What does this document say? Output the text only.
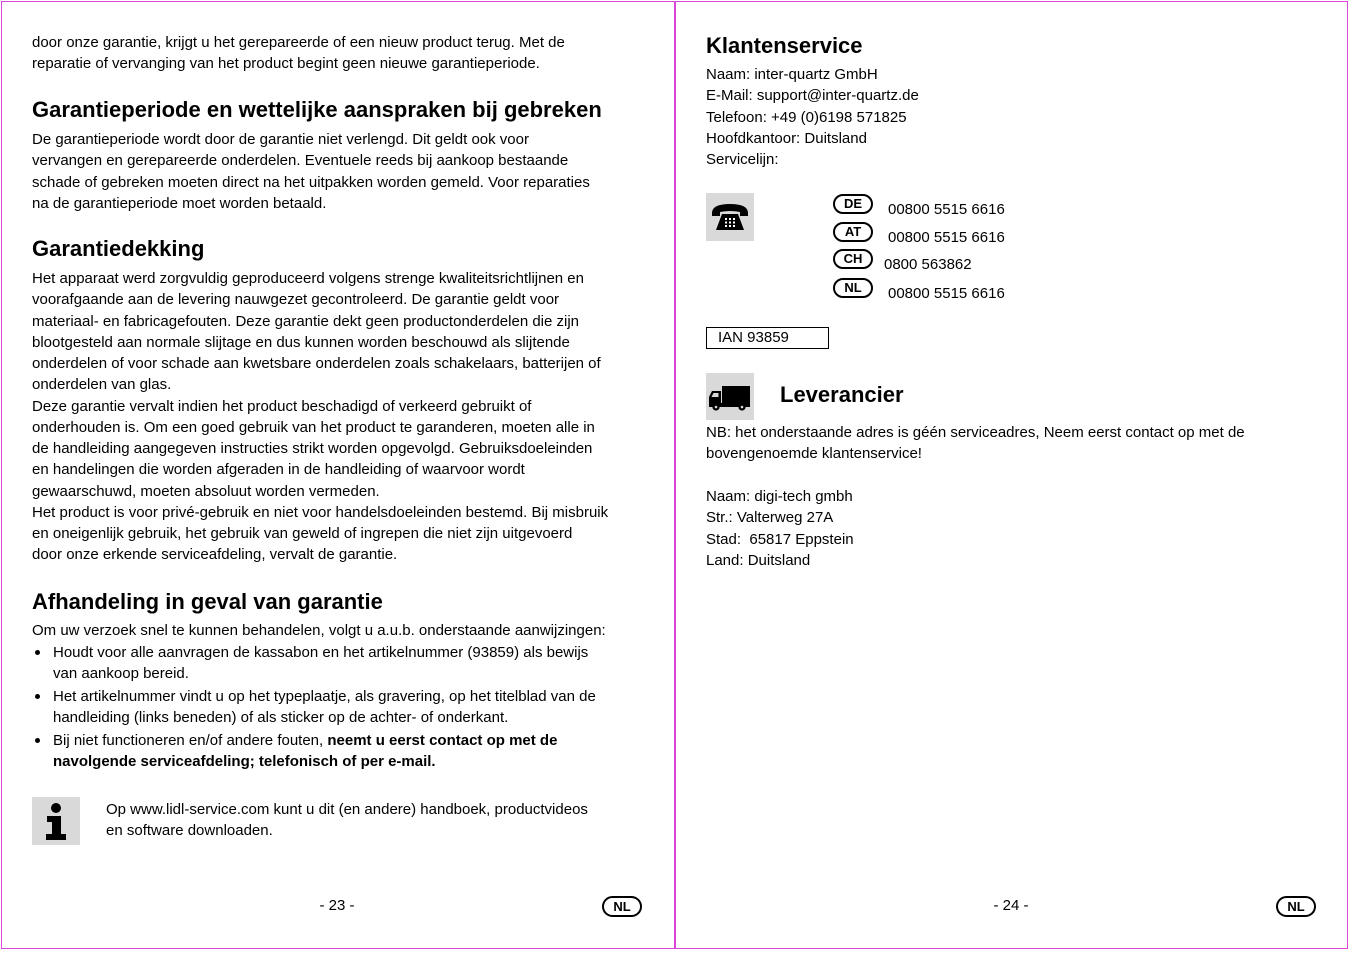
door onze garantie, krijgt u het gerepareerde of een nieuw product terug. Met de
reparatie of vervanging van het product begint geen nieuwe garantieperiode.
Garantieperiode en wettelijke aanspraken bij gebreken
De garantieperiode wordt door de garantie niet verlengd. Dit geldt ook voor
vervangen en gerepareerde onderdelen. Eventuele reeds bij aankoop bestaande
schade of gebreken moeten direct na het uitpakken worden gemeld. Voor reparaties
na de garantieperiode moet worden betaald.
Garantiedekking
Het apparaat werd zorgvuldig geproduceerd volgens strenge kwaliteitsrichtlijnen en
voorafgaande aan de levering nauwgezet gecontroleerd. De garantie geldt voor
materiaal- en fabricagefouten. Deze garantie dekt geen productonderdelen die zijn
blootgesteld aan normale slijtage en dus kunnen worden beschouwd als slijtende
onderdelen of voor schade aan kwetsbare onderdelen zoals schakelaars, batterijen of
onderdelen van glas.
Deze garantie vervalt indien het product beschadigd of verkeerd gebruikt of
onderhouden is. Om een goed gebruik van het product te garanderen, moeten alle in
de handleiding aangegeven instructies strikt worden opgevolgd. Gebruiksdoeleinden
en handelingen die worden afgeraden in de handleiding of waarvoor wordt
gewaarschuwd, moeten absoluut worden vermeden.
Het product is voor privé-gebruik en niet voor handelsdoeleinden bestemd. Bij misbruik
en oneigenlijk gebruik, het gebruik van geweld of ingrepen die niet zijn uitgevoerd
door onze erkende serviceafdeling, vervalt de garantie.
Afhandeling in geval van garantie
Om uw verzoek snel te kunnen behandelen, volgt u a.u.b. onderstaande aanwijzingen:
Houdt voor alle aanvragen de kassabon en het artikelnummer (93859) als bewijs
van aankoop bereid.
Het artikelnummer vindt u op het typeplaatje, als gravering, op het titelblad van de
handleiding (links beneden) of als sticker op de achter- of onderkant.
Bij niet functioneren en/of andere fouten, neemt u eerst contact op met de
navolgende serviceafdeling; telefonisch of per e-mail.
Op www.lidl-service.com kunt u dit (en andere) handboek, productvideos
en software downloaden.
- 23 -	NL
Klantenservice
Naam: inter-quartz GmbH
E-Mail: support@inter-quartz.de
Telefoon: +49 (0)6198 571825
Hoofdkantoor: Duitsland
Servicelijn:
DE	00800 5515 6616
AT	00800 5515 6616
CH	0800 563862
NL	00800 5515 6616
IAN 93859
Leverancier
NB: het onderstaande adres is géén serviceadres, Neem eerst contact op met de
bovengenoemde klantenservice!
Naam: digi-tech gmbh
Str.: Valterweg 27A
Stad:  65817 Eppstein
Land: Duitsland
- 24 -	NL
